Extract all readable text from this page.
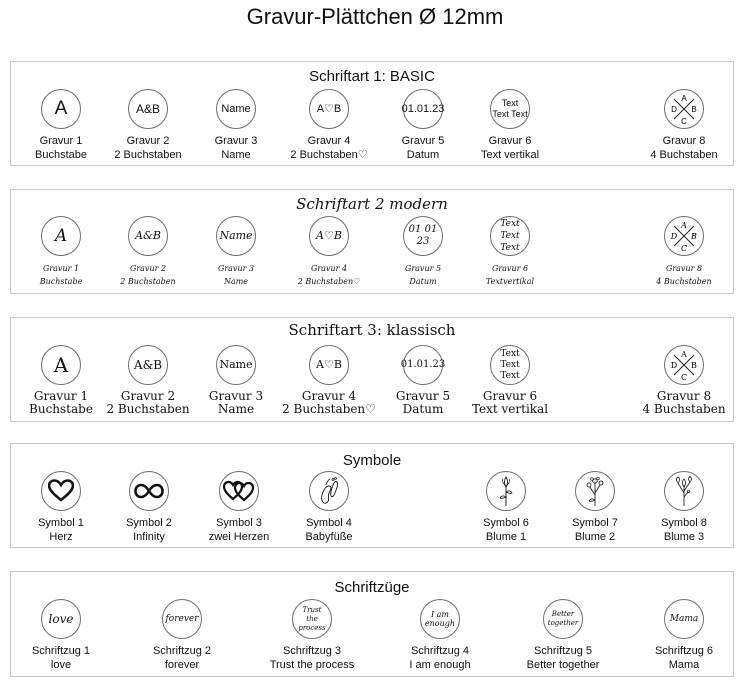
Gravur-Plättchen Ø 12mm
Schriftart 1: BASIC
A
Gravur 1
Buchstabe
A&B
Gravur 2
2 Buchstaben
Name
Gravur 3
Name
A♡B
Gravur 4
2 Buchstaben♡
01.01.23
Gravur 5
Datum
Text
Text Text
Gravur 6
Text vertikal
A
B
C
D
Gravur 8
4 Buchstaben
Schriftart 2 modern
A
Gravur 1
Buchstabe
A&B
Gravur 2
2 Buchstaben
Name
Gravur 3
Name
A♡B
Gravur 4
2 Buchstaben♡
01 01 23
Gravur 5
Datum
Text
Text Text
Gravur 6
Textvertikal
A
B
C
D
Gravur 8
4 Buchstaben
Schriftart 3: klassisch
A
Gravur 1
Buchstabe
A&B
Gravur 2
2 Buchstaben
Name
Gravur 3
Name
A♡B
Gravur 4
2 Buchstaben♡
01.01.23
Gravur 5
Datum
Text
Text Text
Gravur 6
Text vertikal
A
B
C
D
Gravur 8
4 Buchstaben
Symbole
Symbol 1
Herz
Symbol 2
Infinity
Symbol 3
zwei Herzen
Symbol 4
Babyfüße
Symbol 6
Blume 1
Symbol 7
Blume 2
Symbol 8
Blume 3
Schriftzüge
love
Schriftzug 1
love
forever
Schriftzug 2
forever
Trust
the process
Schriftzug 3
Trust the process
I am
enough
Schriftzug 4
I am enough
Better
together
Schriftzug 5
Better together
Mama
Schriftzug 6
Mama
